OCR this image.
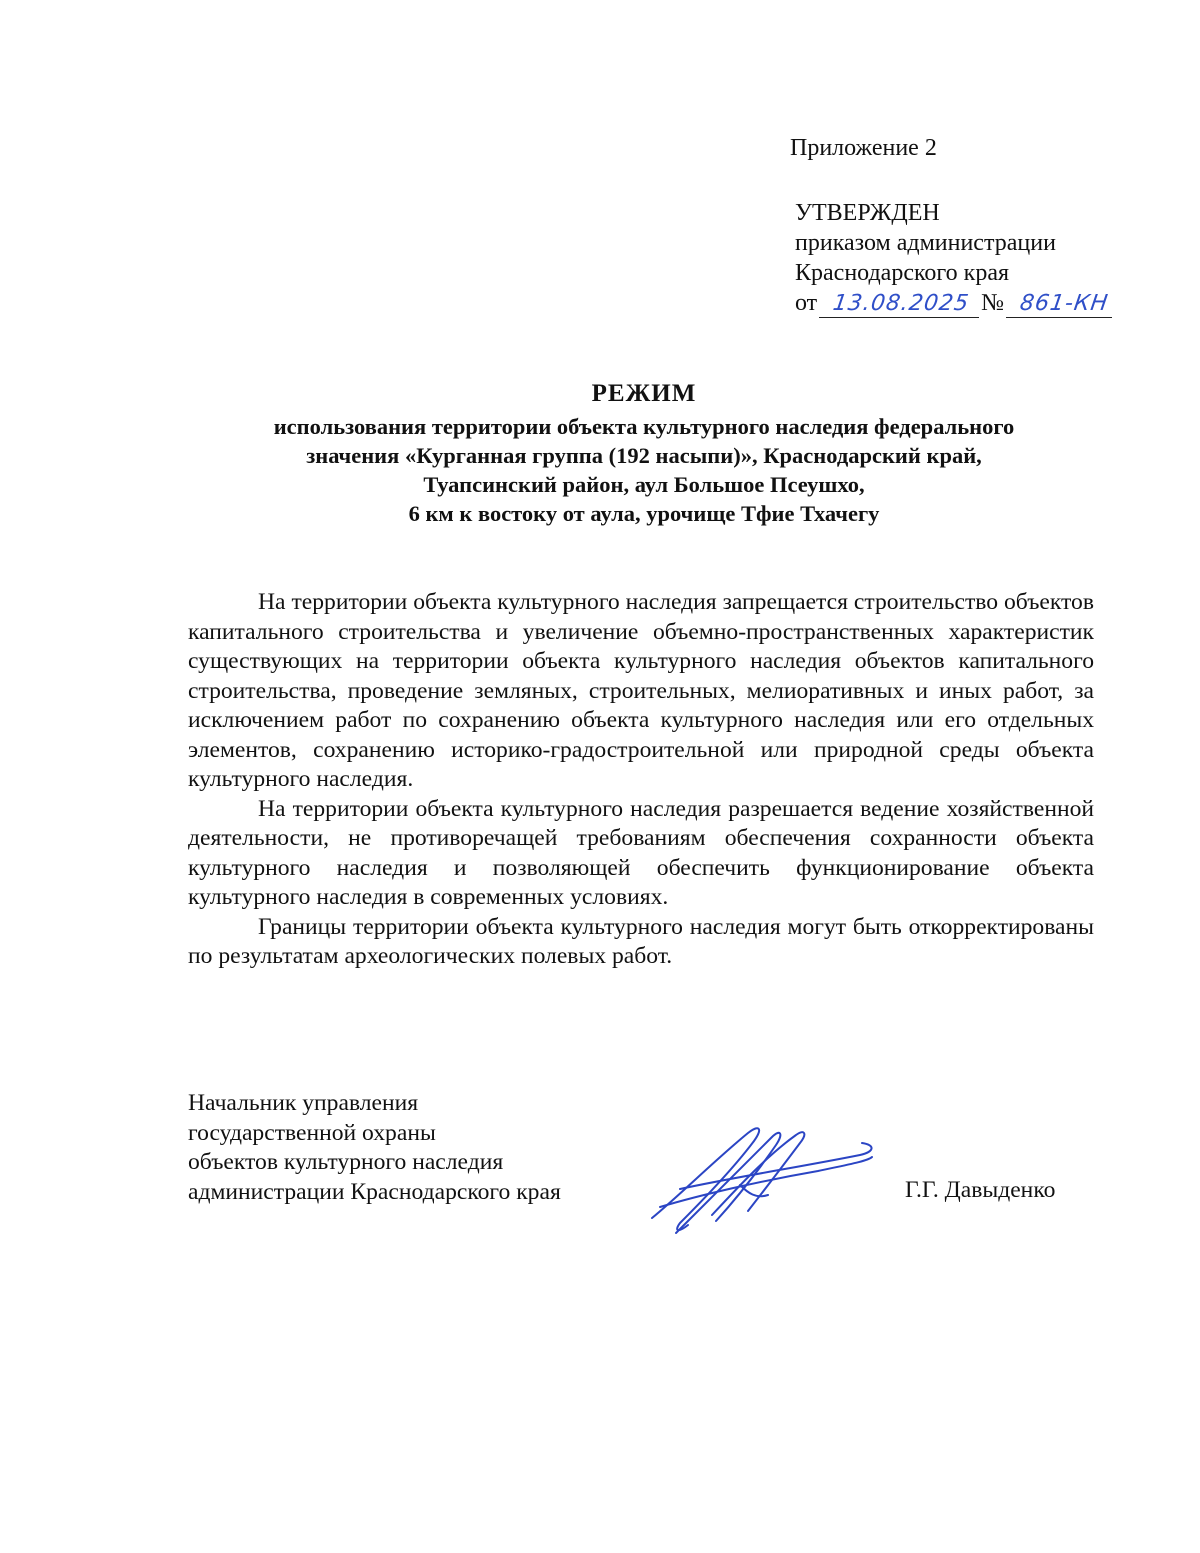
Приложение 2
УТВЕРЖДЕН
приказом администрации
Краснодарского края
от 13.08.2025 № 861-КН
РЕЖИМ
использования территории объекта культурного наследия федерального
значения «Курганная группа (192 насыпи)», Краснодарский край,
Туапсинский район, аул Большое Псеушхо,
6 км к востоку от аула, урочище Тфие Тхачегу

На территории объекта культурного наследия запрещается строительство объектов капитального строительства и увеличение объемно-пространственных характеристик существующих на территории объекта культурного наследия объектов капитального строительства, проведение земляных, строительных, мелиоративных и иных работ, за исключением работ по сохранению объекта культурного наследия или его отдельных элементов, сохранению историко-градостроительной или природной среды объекта культурного наследия.

На территории объекта культурного наследия разрешается ведение хозяйственной деятельности, не противоречащей требованиям обеспечения сохранности объекта культурного наследия и позволяющей обеспечить функционирование объекта культурного наследия в современных условиях.

Границы территории объекта культурного наследия могут быть откорректированы по результатам археологических полевых работ.

Начальник управления
государственной охраны
объектов культурного наследия
администрации Краснодарского края	Г.Г. Давыденко
